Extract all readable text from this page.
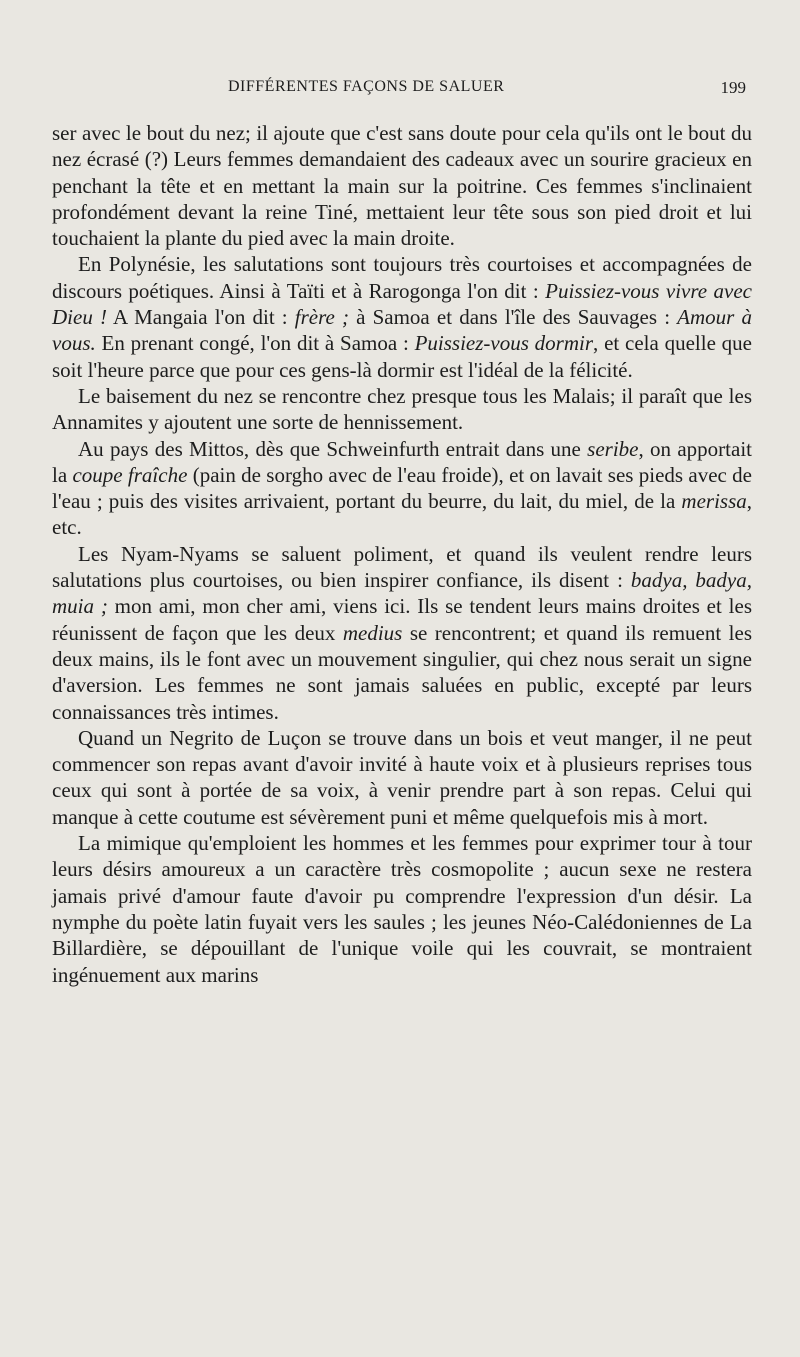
DIFFÉRENTES FAÇONS DE SALUER	199

ser avec le bout du nez; il ajoute que c'est sans doute pour cela qu'ils ont le bout du nez écrasé (?) Leurs femmes demandaient des cadeaux avec un sourire gracieux en penchant la tête et en mettant la main sur la poitrine. Ces femmes s'inclinaient profondément devant la reine Tiné, mettaient leur tête sous son pied droit et lui touchaient la plante du pied avec la main droite.

En Polynésie, les salutations sont toujours très courtoises et accompagnées de discours poétiques. Ainsi à Taïti et à Rarogonga l'on dit : Puissiez-vous vivre avec Dieu ! A Mangaia l'on dit : frère ; à Samoa et dans l'île des Sauvages : Amour à vous. En prenant congé, l'on dit à Samoa : Puissiez-vous dormir, et cela quelle que soit l'heure parce que pour ces gens-là dormir est l'idéal de la félicité.

Le baisement du nez se rencontre chez presque tous les Malais; il paraît que les Annamites y ajoutent une sorte de hennissement.

Au pays des Mittos, dès que Schweinfurth entrait dans une seribe, on apportait la coupe fraîche (pain de sorgho avec de l'eau froide), et on lavait ses pieds avec de l'eau ; puis des visites arrivaient, portant du beurre, du lait, du miel, de la merissa, etc.

Les Nyam-Nyams se saluent poliment, et quand ils veulent rendre leurs salutations plus courtoises, ou bien inspirer confiance, ils disent : badya, badya, muia ; mon ami, mon cher ami, viens ici. Ils se tendent leurs mains droites et les réunissent de façon que les deux medius se rencontrent; et quand ils remuent les deux mains, ils le font avec un mouvement singulier, qui chez nous serait un signe d'aversion. Les femmes ne sont jamais saluées en public, excepté par leurs connaissances très intimes.

Quand un Negrito de Luçon se trouve dans un bois et veut manger, il ne peut commencer son repas avant d'avoir invité à haute voix et à plusieurs reprises tous ceux qui sont à portée de sa voix, à venir prendre part à son repas. Celui qui manque à cette coutume est sévèrement puni et même quelquefois mis à mort.

La mimique qu'emploient les hommes et les femmes pour exprimer tour à tour leurs désirs amoureux a un caractère très cosmopolite ; aucun sexe ne restera jamais privé d'amour faute d'avoir pu comprendre l'expression d'un désir. La nymphe du poète latin fuyait vers les saules ; les jeunes Néo-Calédoniennes de La Billardière, se dépouillant de l'unique voile qui les couvrait, se montraient ingénuement aux marins
